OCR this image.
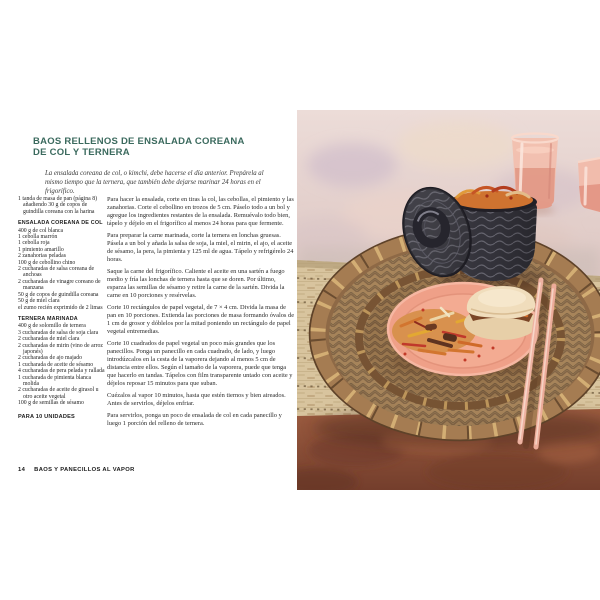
BAOS RELLENOS DE ENSALADA COREANA
DE COL Y TERNERA
La ensalada coreana de col, o kimchi, debe hacerse el día anterior. Prepárela al mismo tiempo que la ternera, que también debe dejarse marinar 24 horas en el frigorífico.

1 tanda de masa de pan (página 8) añadiendo 30 g de copos de guindilla coreana con la harina

ENSALADA COREANA DE COL

400 g de col blanca

1 cebolla marrón

1 cebolla roja

1 pimiento amarillo

2 zanahorias peladas

100 g de cebollino chino

2 cucharadas de salsa coreana de anchoas

2 cucharadas de vinagre coreano de manzana

50 g de copos de guindilla coreana

50 g de miel clara

el zumo recién exprimido de 2 limas

TERNERA MARINADA

400 g de solomillo de ternera

3 cucharadas de salsa de soja clara

2 cucharadas de miel clara

2 cucharadas de mirin (vino de arroz japonés)

2 cucharadas de ajo majado

1 cucharada de aceite de sésamo

4 cucharadas de pera pelada y rallada

1 cucharada de pimienta blanca molida

2 cucharadas de aceite de girasol u otro aceite vegetal

100 g de semillas de sésamo

PARA 10 UNIDADES

Para hacer la ensalada, corte en tiras la col, las cebollas, el pimiento y las zanahorias. Corte el cebollino en trozos de 5 cm. Páselo todo a un bol y agregue los ingredientes restantes de la ensalada. Remuévalo todo bien, tápelo y déjelo en el frigorífico al menos 24 horas para que fermente.

Para preparar la carne marinada, corte la ternera en lonchas gruesas. Pásela a un bol y añada la salsa de soja, la miel, el mirin, el ajo, el aceite de sésamo, la pera, la pimienta y 125 ml de agua. Tápelo y refrigérelo 24 horas.

Saque la carne del frigorífico. Caliente el aceite en una sartén a fuego medio y fría las lonchas de ternera hasta que se doren. Por último, esparza las semillas de sésamo y retire la carne de la sartén. Divida la carne en 10 porciones y resérvelas.

Corte 10 rectángulos de papel vegetal, de 7 × 4 cm. Divida la masa de pan en 10 porciones. Extienda las porciones de masa formando óvalos de 1 cm de grosor y dóblelos por la mitad poniendo un rectángulo de papel vegetal entremedias.

Corte 10 cuadrados de papel vegetal un poco más grandes que los panecillos. Ponga un panecillo en cada cuadrado, de lado, y luego introdúzcalos en la cesta de la vaporera dejando al menos 5 cm de distancia entre ellos. Según el tamaño de la vaporera, puede que tenga que hacerlo en tandas. Tápelos con film transparente untado con aceite y déjelos reposar 15 minutos para que suban.

Cuézalos al vapor 10 minutos, hasta que estén tiernos y bien aireados. Antes de servirlos, déjelos enfriar.

Para servirlos, ponga un poco de ensalada de col en cada panecillo y luego 1 porción del relleno de ternera.

14 BAOS Y PANECILLOS AL VAPOR
